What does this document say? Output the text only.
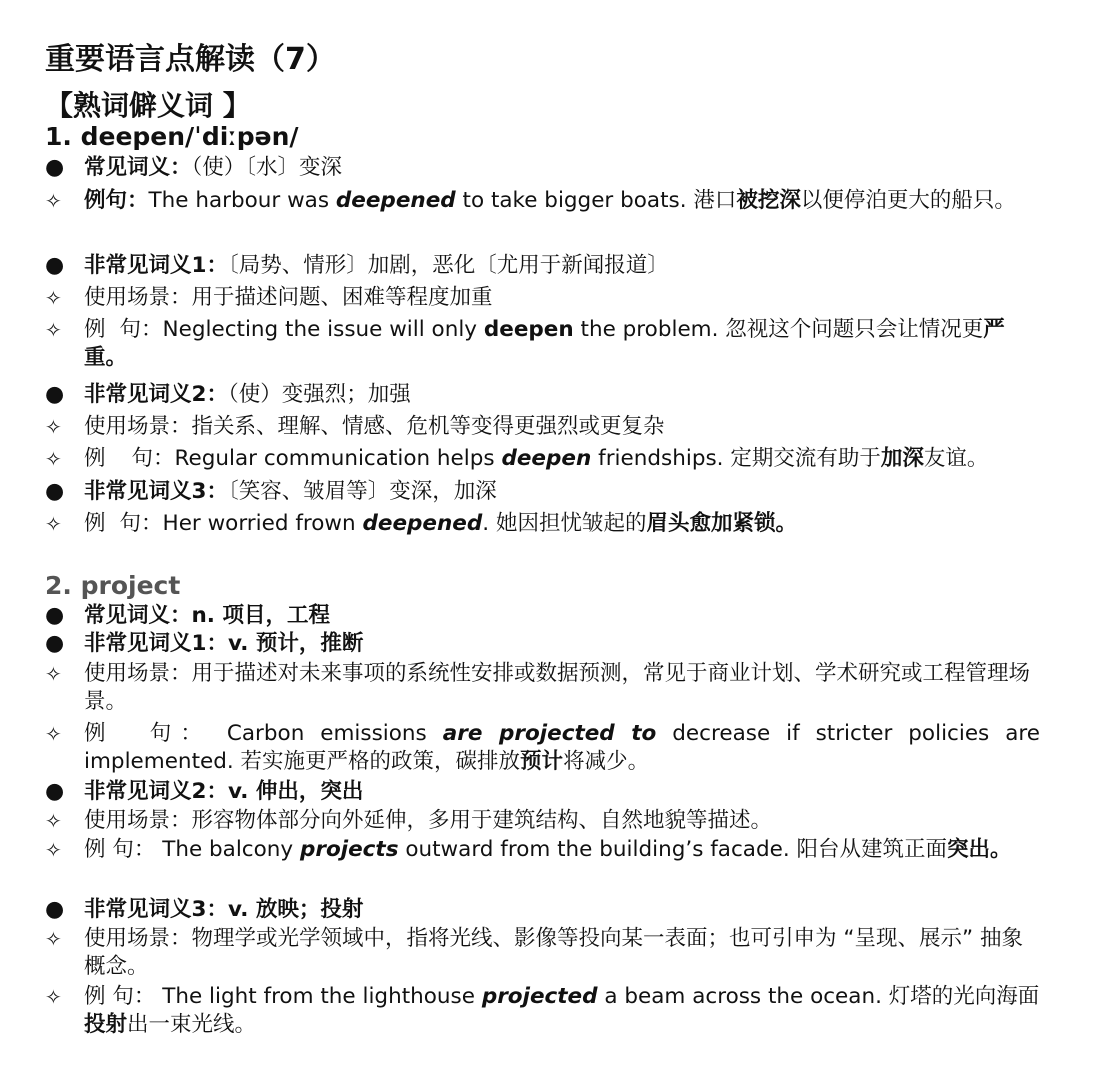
重要语言点解读（7）
【熟词僻义词 】
1. deepen/ˈdiːpən/
● 常见词义：（使）〔水〕变深
✧	例句：The harbour was deepened to take bigger boats. 港口被挖深以便停泊更大的船只。
● 非常见词义1：〔局势、情形〕加剧，恶化〔尤用于新闻报道〕
✧	使用场景：用于描述问题、困难等程度加重
✧	例 句：Neglecting the issue will only deepen the problem. 忽视这个问题只会让情况更严重。
● 非常见词义2：（使）变强烈；加强
✧	使用场景：指关系、理解、情感、危机等变得更强烈或更复杂
✧	例 句：Regular communication helps deepen friendships. 定期交流有助于加深友谊。
● 非常见词义3：〔笑容、皱眉等〕变深，加深
✧	例 句：Her worried frown deepened. 她因担忧皱起的眉头愈加紧锁。
2. project
● 常见词义：n. 项目，工程
● 非常见词义1：v. 预计，推断
✧	使用场景：用于描述对未来事项的系统性安排或数据预测，常见于商业计划、学术研究或工程管理场景。
✧	例 句： Carbon emissions are projected to decrease if stricter policies are implemented. 若实施更严格的政策，碳排放预计将减少。
● 非常见词义2：v. 伸出，突出
✧	使用场景：形容物体部分向外延伸，多用于建筑结构、自然地貌等描述。
✧	例 句： The balcony projects outward from the building’s facade. 阳台从建筑正面突出。
● 非常见词义3：v. 放映；投射
✧	使用场景：物理学或光学领域中，指将光线、影像等投向某一表面；也可引申为 “呈现、展示” 抽象概念。
✧	例 句： The light from the lighthouse projected a beam across the ocean. 灯塔的光向海面投射出一束光线。
